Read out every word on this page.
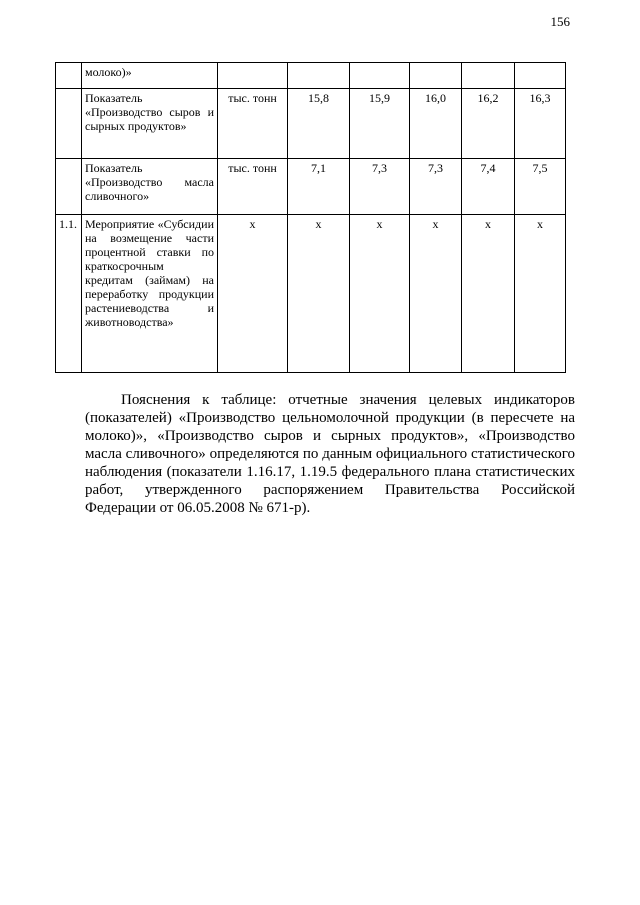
156
	молоко)»						
	Показатель «Производство сыров и сырных продуктов»	тыс. тонн	15,8	15,9	16,0	16,2	16,3
	Показатель «Производство масла сливочного»	тыс. тонн	7,1	7,3	7,3	7,4	7,5
1.1.	Мероприятие «Субсидии на возмещение части процентной ставки по краткосрочным кредитам (займам) на переработку продукции растениеводства и животноводства»	х	х	х	х	х	х

Пояснения к таблице: отчетные значения целевых индикаторов (показателей) «Производство цельномолочной продукции (в пересчете на молоко)», «Производство сыров и сырных продуктов», «Производство масла сливочного» определяются по данным официального статистического наблюдения (показатели 1.16.17, 1.19.5 федерального плана статистических работ, утвержденного распоряжением Правительства Российской Федерации от 06.05.2008 № 671-р).
